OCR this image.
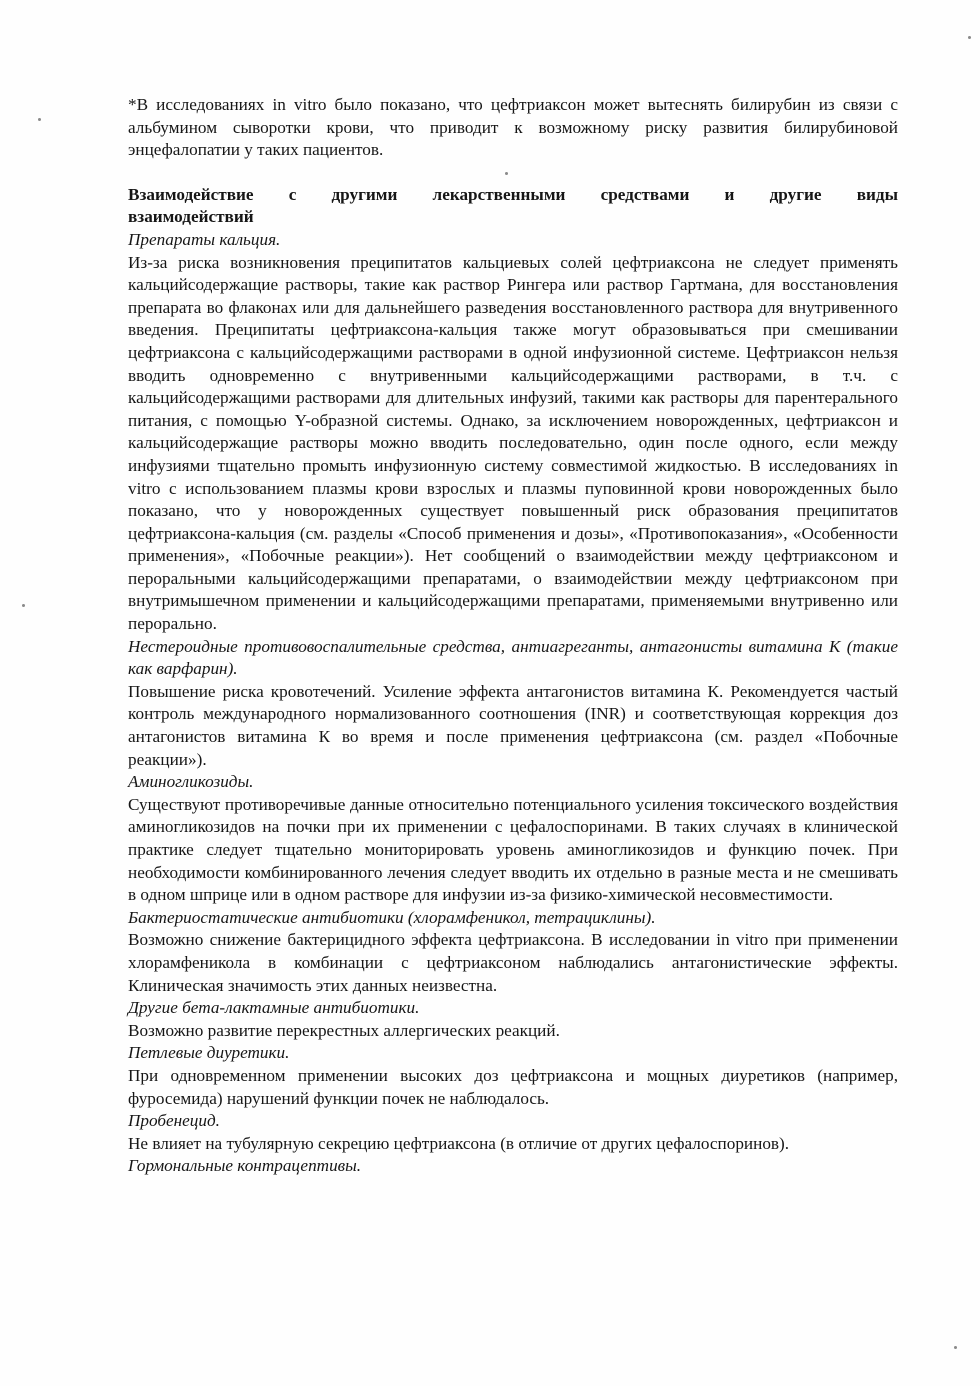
*В исследованиях in vitro было показано, что цефтриаксон может вытеснять билирубин из связи с альбумином сыворотки крови, что приводит к возможному риску развития билирубиновой энцефалопатии у таких пациентов.

Взаимодействие с другими лекарственными средствами и другие виды

взаимодействий

Препараты кальция.

Из-за риска возникновения преципитатов кальциевых солей цефтриаксона не следует применять кальцийсодержащие растворы, такие как раствор Рингера или раствор Гартмана, для восстановления препарата во флаконах или для дальнейшего разведения восстановленного раствора для внутривенного введения. Преципитаты цефтриаксона-кальция также могут образовываться при смешивании цефтриаксона с кальцийсодержащими растворами в одной инфузионной системе. Цефтриаксон нельзя вводить одновременно с внутривенными кальцийсодержащими растворами, в т.ч. с кальцийсодержащими растворами для длительных инфузий, такими как растворы для парентерального питания, с помощью Y-образной системы. Однако, за исключением новорожденных, цефтриаксон и кальцийсодержащие растворы можно вводить последовательно, один после одного, если между инфузиями тщательно промыть инфузионную систему совместимой жидкостью. В исследованиях in vitro с использованием плазмы крови взрослых и плазмы пуповинной крови новорожденных было показано, что у новорожденных существует повышенный риск образования преципитатов цефтриаксона-кальция (см. разделы «Способ применения и дозы», «Противопоказания», «Особенности применения», «Побочные реакции»). Нет сообщений о взаимодействии между цефтриаксоном и пероральными кальцийсодержащими препаратами, о взаимодействии между цефтриаксоном при внутримышечном применении и кальцийсодержащими препаратами, применяемыми внутривенно или перорально.

Нестероидные противовоспалительные средства, антиагреганты, антагонисты витамина К (такие как варфарин).

Повышение риска кровотечений. Усиление эффекта антагонистов витамина К. Рекомендуется частый контроль международного нормализованного соотношения (INR) и соответствующая коррекция доз антагонистов витамина К во время и после применения цефтриаксона (см. раздел «Побочные реакции»).

Аминогликозиды.

Существуют противоречивые данные относительно потенциального усиления токсического воздействия аминогликозидов на почки при их применении с цефалоспоринами. В таких случаях в клинической практике следует тщательно мониторировать уровень аминогликозидов и функцию почек. При необходимости комбинированного лечения следует вводить их отдельно в разные места и не смешивать в одном шприце или в одном растворе для инфузии из-за физико-химической несовместимости.

Бактериостатические антибиотики (хлорамфеникол, тетрациклины).

Возможно снижение бактерицидного эффекта цефтриаксона. В исследовании in vitro при применении хлорамфеникола в комбинации с цефтриаксоном наблюдались антагонистические эффекты. Клиническая значимость этих данных неизвестна.

Другие бета-лактамные антибиотики.

Возможно развитие перекрестных аллергических реакций.

Петлевые диуретики.

При одновременном применении высоких доз цефтриаксона и мощных диуретиков (например, фуросемида) нарушений функции почек не наблюдалось.

Пробенецид.

Не влияет на тубулярную секрецию цефтриаксона (в отличие от других цефалоспоринов).

Гормональные контрацептивы.
